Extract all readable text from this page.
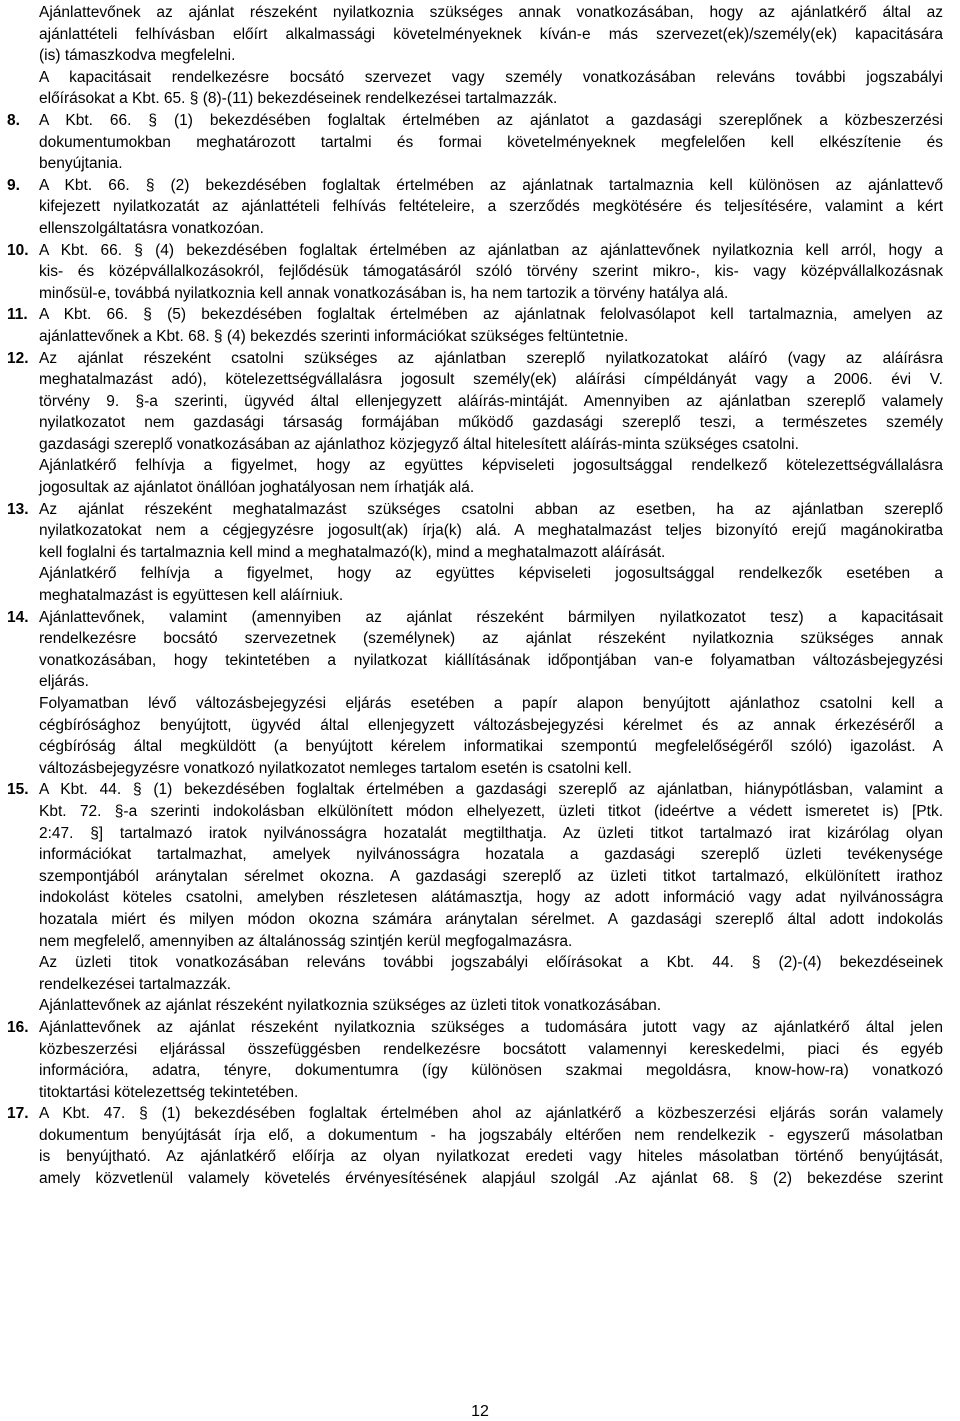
Ajánlattevőnek az ajánlat részeként nyilatkoznia szükséges annak vonatkozásában, hogy az ajánlatkérő által az
ajánlattételi felhívásban előírt alkalmassági követelményeknek kíván-e más szervezet(ek)/személy(ek) kapacitására
(is) támaszkodva megfelelni.
A kapacitásait rendelkezésre bocsátó szervezet vagy személy vonatkozásában releváns további jogszabályi
előírásokat a Kbt. 65. § (8)-(11) bekezdéseinek rendelkezései tartalmazzák.
8. A Kbt. 66. § (1) bekezdésében foglaltak értelmében az ajánlatot a gazdasági szereplőnek a közbeszerzési
dokumentumokban meghatározott tartalmi és formai követelményeknek megfelelően kell elkészítenie és
benyújtania.
9. A Kbt. 66. § (2) bekezdésében foglaltak értelmében az ajánlatnak tartalmaznia kell különösen az ajánlattevő
kifejezett nyilatkozatát az ajánlattételi felhívás feltételeire, a szerződés megkötésére és teljesítésére, valamint a kért
ellenszolgáltatásra vonatkozóan.
10. A Kbt. 66. § (4) bekezdésében foglaltak értelmében az ajánlatban az ajánlattevőnek nyilatkoznia kell arról, hogy a
kis- és középvállalkozásokról, fejlődésük támogatásáról szóló törvény szerint mikro-, kis- vagy középvállalkozásnak
minősül-e, továbbá nyilatkoznia kell annak vonatkozásában is, ha nem tartozik a törvény hatálya alá.
11. A Kbt. 66. § (5) bekezdésében foglaltak értelmében az ajánlatnak felolvasólapot kell tartalmaznia, amelyen az
ajánlattevőnek a Kbt. 68. § (4) bekezdés szerinti információkat szükséges feltüntetnie.
12. Az ajánlat részeként csatolni szükséges az ajánlatban szereplő nyilatkozatokat aláíró (vagy az aláírásra
meghatalmazást adó), kötelezettségvállalásra jogosult személy(ek) aláírási címpéldányát vagy a 2006. évi V.
törvény 9. §-a szerinti, ügyvéd által ellenjegyzett aláírás-mintáját. Amennyiben az ajánlatban szereplő valamely
nyilatkozatot nem gazdasági társaság formájában működő gazdasági szereplő teszi, a természetes személy
gazdasági szereplő vonatkozásában az ajánlathoz közjegyző által hitelesített aláírás-minta szükséges csatolni.
Ajánlatkérő felhívja a figyelmet, hogy az együttes képviseleti jogosultsággal rendelkező kötelezettségvállalásra
jogosultak az ajánlatot önállóan joghatályosan nem írhatják alá.
13. Az ajánlat részeként meghatalmazást szükséges csatolni abban az esetben, ha az ajánlatban szereplő
nyilatkozatokat nem a cégjegyzésre jogosult(ak) írja(k) alá. A meghatalmazást teljes bizonyító erejű magánokiratba
kell foglalni és tartalmaznia kell mind a meghatalmazó(k), mind a meghatalmazott aláírását.
Ajánlatkérő felhívja a figyelmet, hogy az együttes képviseleti jogosultsággal rendelkezők esetében a
meghatalmazást is együttesen kell aláírniuk.
14. Ajánlattevőnek, valamint (amennyiben az ajánlat részeként bármilyen nyilatkozatot tesz) a kapacitásait
rendelkezésre bocsátó szervezetnek (személynek) az ajánlat részeként nyilatkoznia szükséges annak
vonatkozásában, hogy tekintetében a nyilatkozat kiállításának időpontjában van-e folyamatban változásbejegyzési
eljárás.
Folyamatban lévő változásbejegyzési eljárás esetében a papír alapon benyújtott ajánlathoz csatolni kell a
cégbírósághoz benyújtott, ügyvéd által ellenjegyzett változásbejegyzési kérelmet és az annak érkezéséről a
cégbíróság által megküldött (a benyújtott kérelem informatikai szempontú megfelelőségéről szóló) igazolást. A
változásbejegyzésre vonatkozó nyilatkozatot nemleges tartalom esetén is csatolni kell.
15. A Kbt. 44. § (1) bekezdésében foglaltak értelmében a gazdasági szereplő az ajánlatban, hiánypótlásban, valamint a
Kbt. 72. §-a szerinti indokolásban elkülönített módon elhelyezett, üzleti titkot (ideértve a védett ismeretet is) [Ptk.
2:47. §] tartalmazó iratok nyilvánosságra hozatalát megtilthatja. Az üzleti titkot tartalmazó irat kizárólag olyan
információkat tartalmazhat, amelyek nyilvánosságra hozatala a gazdasági szereplő üzleti tevékenysége
szempontjából aránytalan sérelmet okozna. A gazdasági szereplő az üzleti titkot tartalmazó, elkülönített irathoz
indokolást köteles csatolni, amelyben részletesen alátámasztja, hogy az adott információ vagy adat nyilvánosságra
hozatala miért és milyen módon okozna számára aránytalan sérelmet. A gazdasági szereplő által adott indokolás
nem megfelelő, amennyiben az általánosság szintjén kerül megfogalmazásra.
Az üzleti titok vonatkozásában releváns további jogszabályi előírásokat a Kbt. 44. § (2)-(4) bekezdéseinek
rendelkezései tartalmazzák.
Ajánlattevőnek az ajánlat részeként nyilatkoznia szükséges az üzleti titok vonatkozásában.
16. Ajánlattevőnek az ajánlat részeként nyilatkoznia szükséges a tudomására jutott vagy az ajánlatkérő által jelen
közbeszerzési eljárással összefüggésben rendelkezésre bocsátott valamennyi kereskedelmi, piaci és egyéb
információra, adatra, tényre, dokumentumra (így különösen szakmai megoldásra, know-how-ra) vonatkozó
titoktartási kötelezettség tekintetében.
17. A Kbt. 47. § (1) bekezdésében foglaltak értelmében ahol az ajánlatkérő a közbeszerzési eljárás során valamely
dokumentum benyújtását írja elő, a dokumentum - ha jogszabály eltérően nem rendelkezik - egyszerű másolatban
is benyújtható. Az ajánlatkérő előírja az olyan nyilatkozat eredeti vagy hiteles másolatban történő benyújtását,
amely közvetlenül valamely követelés érvényesítésének alapjául szolgál .Az ajánlat 68. § (2) bekezdése szerint
12
